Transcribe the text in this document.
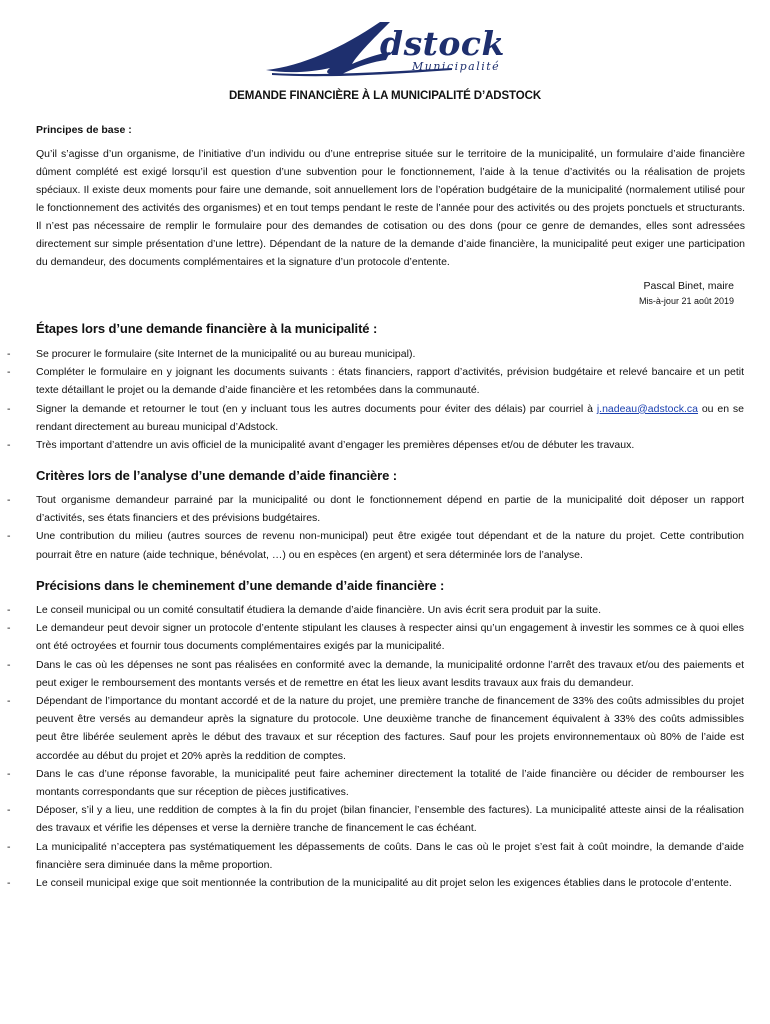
dstock
Municipalité
DEMANDE FINANCIÈRE À LA MUNICIPALITÉ D’ADSTOCK
Principes de base :
Qu’il s’agisse d’un organisme, de l’initiative d’un individu ou d’une entreprise située sur le territoire de la municipalité, un formulaire d’aide financière dûment complété est exigé lorsqu’il est question d’une subvention pour le fonctionnement, l’aide à la tenue d’activités ou la réalisation de projets spéciaux. Il existe deux moments pour faire une demande, soit annuellement lors de l’opération budgétaire de la municipalité (normalement utilisé pour le fonctionnement des activités des organismes) et en tout temps pendant le reste de l’année pour des activités ou des projets ponctuels et structurants. Il n’est pas nécessaire de remplir le formulaire pour des demandes de cotisation ou des dons (pour ce genre de demandes, elles sont adressées directement sur simple présentation d’une lettre). Dépendant de la nature de la demande d’aide financière, la municipalité peut exiger une participation du demandeur, des documents complémentaires et la signature d’un protocole d’entente.
Pascal Binet, maire
Mis-à-jour 21 août 2019
Étapes lors d’une demande financière à la municipalité :
- Se procurer le formulaire (site Internet de la municipalité ou au bureau municipal).
- Compléter le formulaire en y joignant les documents suivants : états financiers, rapport d’activités, prévision budgétaire et relevé bancaire et un petit texte détaillant le projet ou la demande d’aide financière et les retombées dans la communauté.
- Signer la demande et retourner le tout (en y incluant tous les autres documents pour éviter des délais) par courriel à j.nadeau@adstock.ca ou en se rendant directement au bureau municipal d’Adstock.
- Très important d’attendre un avis officiel de la municipalité avant d’engager les premières dépenses et/ou de débuter les travaux.
Critères lors de l’analyse d’une demande d’aide financière :
- Tout organisme demandeur parrainé par la municipalité ou dont le fonctionnement dépend en partie de la municipalité doit déposer un rapport d’activités, ses états financiers et des prévisions budgétaires.
- Une contribution du milieu (autres sources de revenu non-municipal) peut être exigée tout dépendant et de la nature du projet. Cette contribution pourrait être en nature (aide technique, bénévolat, …) ou en espèces (en argent) et sera déterminée lors de l’analyse.
Précisions dans le cheminement d’une demande d’aide financière :
- Le conseil municipal ou un comité consultatif étudiera la demande d’aide financière. Un avis écrit sera produit par la suite.
- Le demandeur peut devoir signer un protocole d’entente stipulant les clauses à respecter ainsi qu’un engagement à investir les sommes ce à quoi elles ont été octroyées et fournir tous documents complémentaires exigés par la municipalité.
- Dans le cas où les dépenses ne sont pas réalisées en conformité avec la demande, la municipalité ordonne l’arrêt des travaux et/ou des paiements et peut exiger le remboursement des montants versés et de remettre en état les lieux avant lesdits travaux aux frais du demandeur.
- Dépendant de l’importance du montant accordé et de la nature du projet, une première tranche de financement de 33% des coûts admissibles du projet peuvent être versés au demandeur après la signature du protocole. Une deuxième tranche de financement équivalent à 33% des coûts admissibles peut être libérée seulement après le début des travaux et sur réception des factures. Sauf pour les projets environnementaux où 80% de l’aide est accordée au début du projet et 20% après la reddition de comptes.
- Dans le cas d’une réponse favorable, la municipalité peut faire acheminer directement la totalité de l’aide financière ou décider de rembourser les montants correspondants que sur réception de pièces justificatives.
- Déposer, s’il y a lieu, une reddition de comptes à la fin du projet (bilan financier, l’ensemble des factures). La municipalité atteste ainsi de la réalisation des travaux et vérifie les dépenses et verse la dernière tranche de financement le cas échéant.
- La municipalité n’acceptera pas systématiquement les dépassements de coûts. Dans le cas où le projet s’est fait à coût moindre, la demande d’aide financière sera diminuée dans la même proportion.
- Le conseil municipal exige que soit mentionnée la contribution de la municipalité au dit projet selon les exigences établies dans le protocole d’entente.
